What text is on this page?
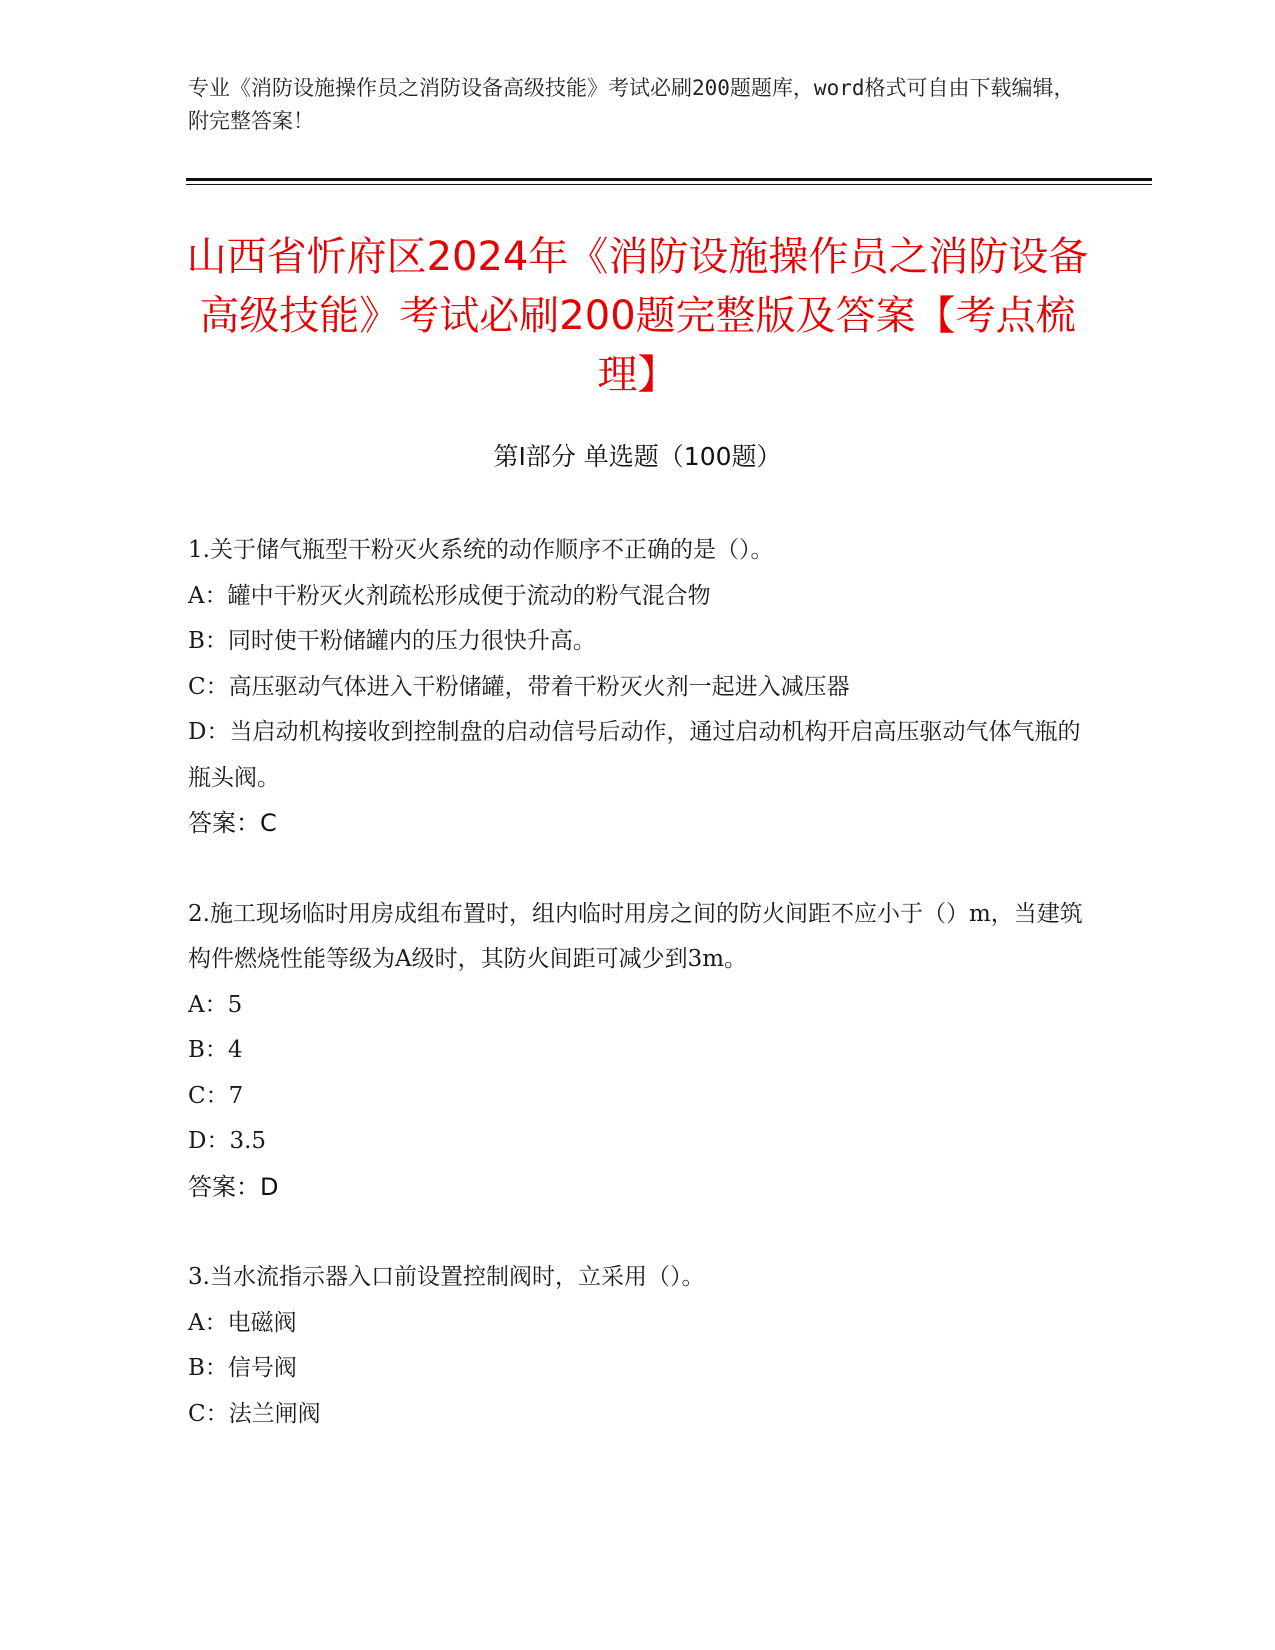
专业《消防设施操作员之消防设备高级技能》考试必刷200题题库，word格式可自由下载编辑，附完整答案！
山西省忻府区2024年《消防设施操作员之消防设备高级技能》考试必刷200题完整版及答案【考点梳理】
第I部分 单选题（100题）

1.关于储气瓶型干粉灭火系统的动作顺序不正确的是（）。

A：罐中干粉灭火剂疏松形成便于流动的粉气混合物

B：同时使干粉储罐内的压力很快升高。

C：高压驱动气体进入干粉储罐，带着干粉灭火剂一起进入减压器

D：当启动机构接收到控制盘的启动信号后动作，通过启动机构开启高压驱动气体气瓶的瓶头阀。

答案：C

2.施工现场临时用房成组布置时，组内临时用房之间的防火间距不应小于（）m，当建筑构件燃烧性能等级为A级时，其防火间距可减少到3m。

A：5

B：4

C：7

D：3.5

答案：D

3.当水流指示器入口前设置控制阀时，立采用（）。

A：电磁阀

B：信号阀

C：法兰闸阀
